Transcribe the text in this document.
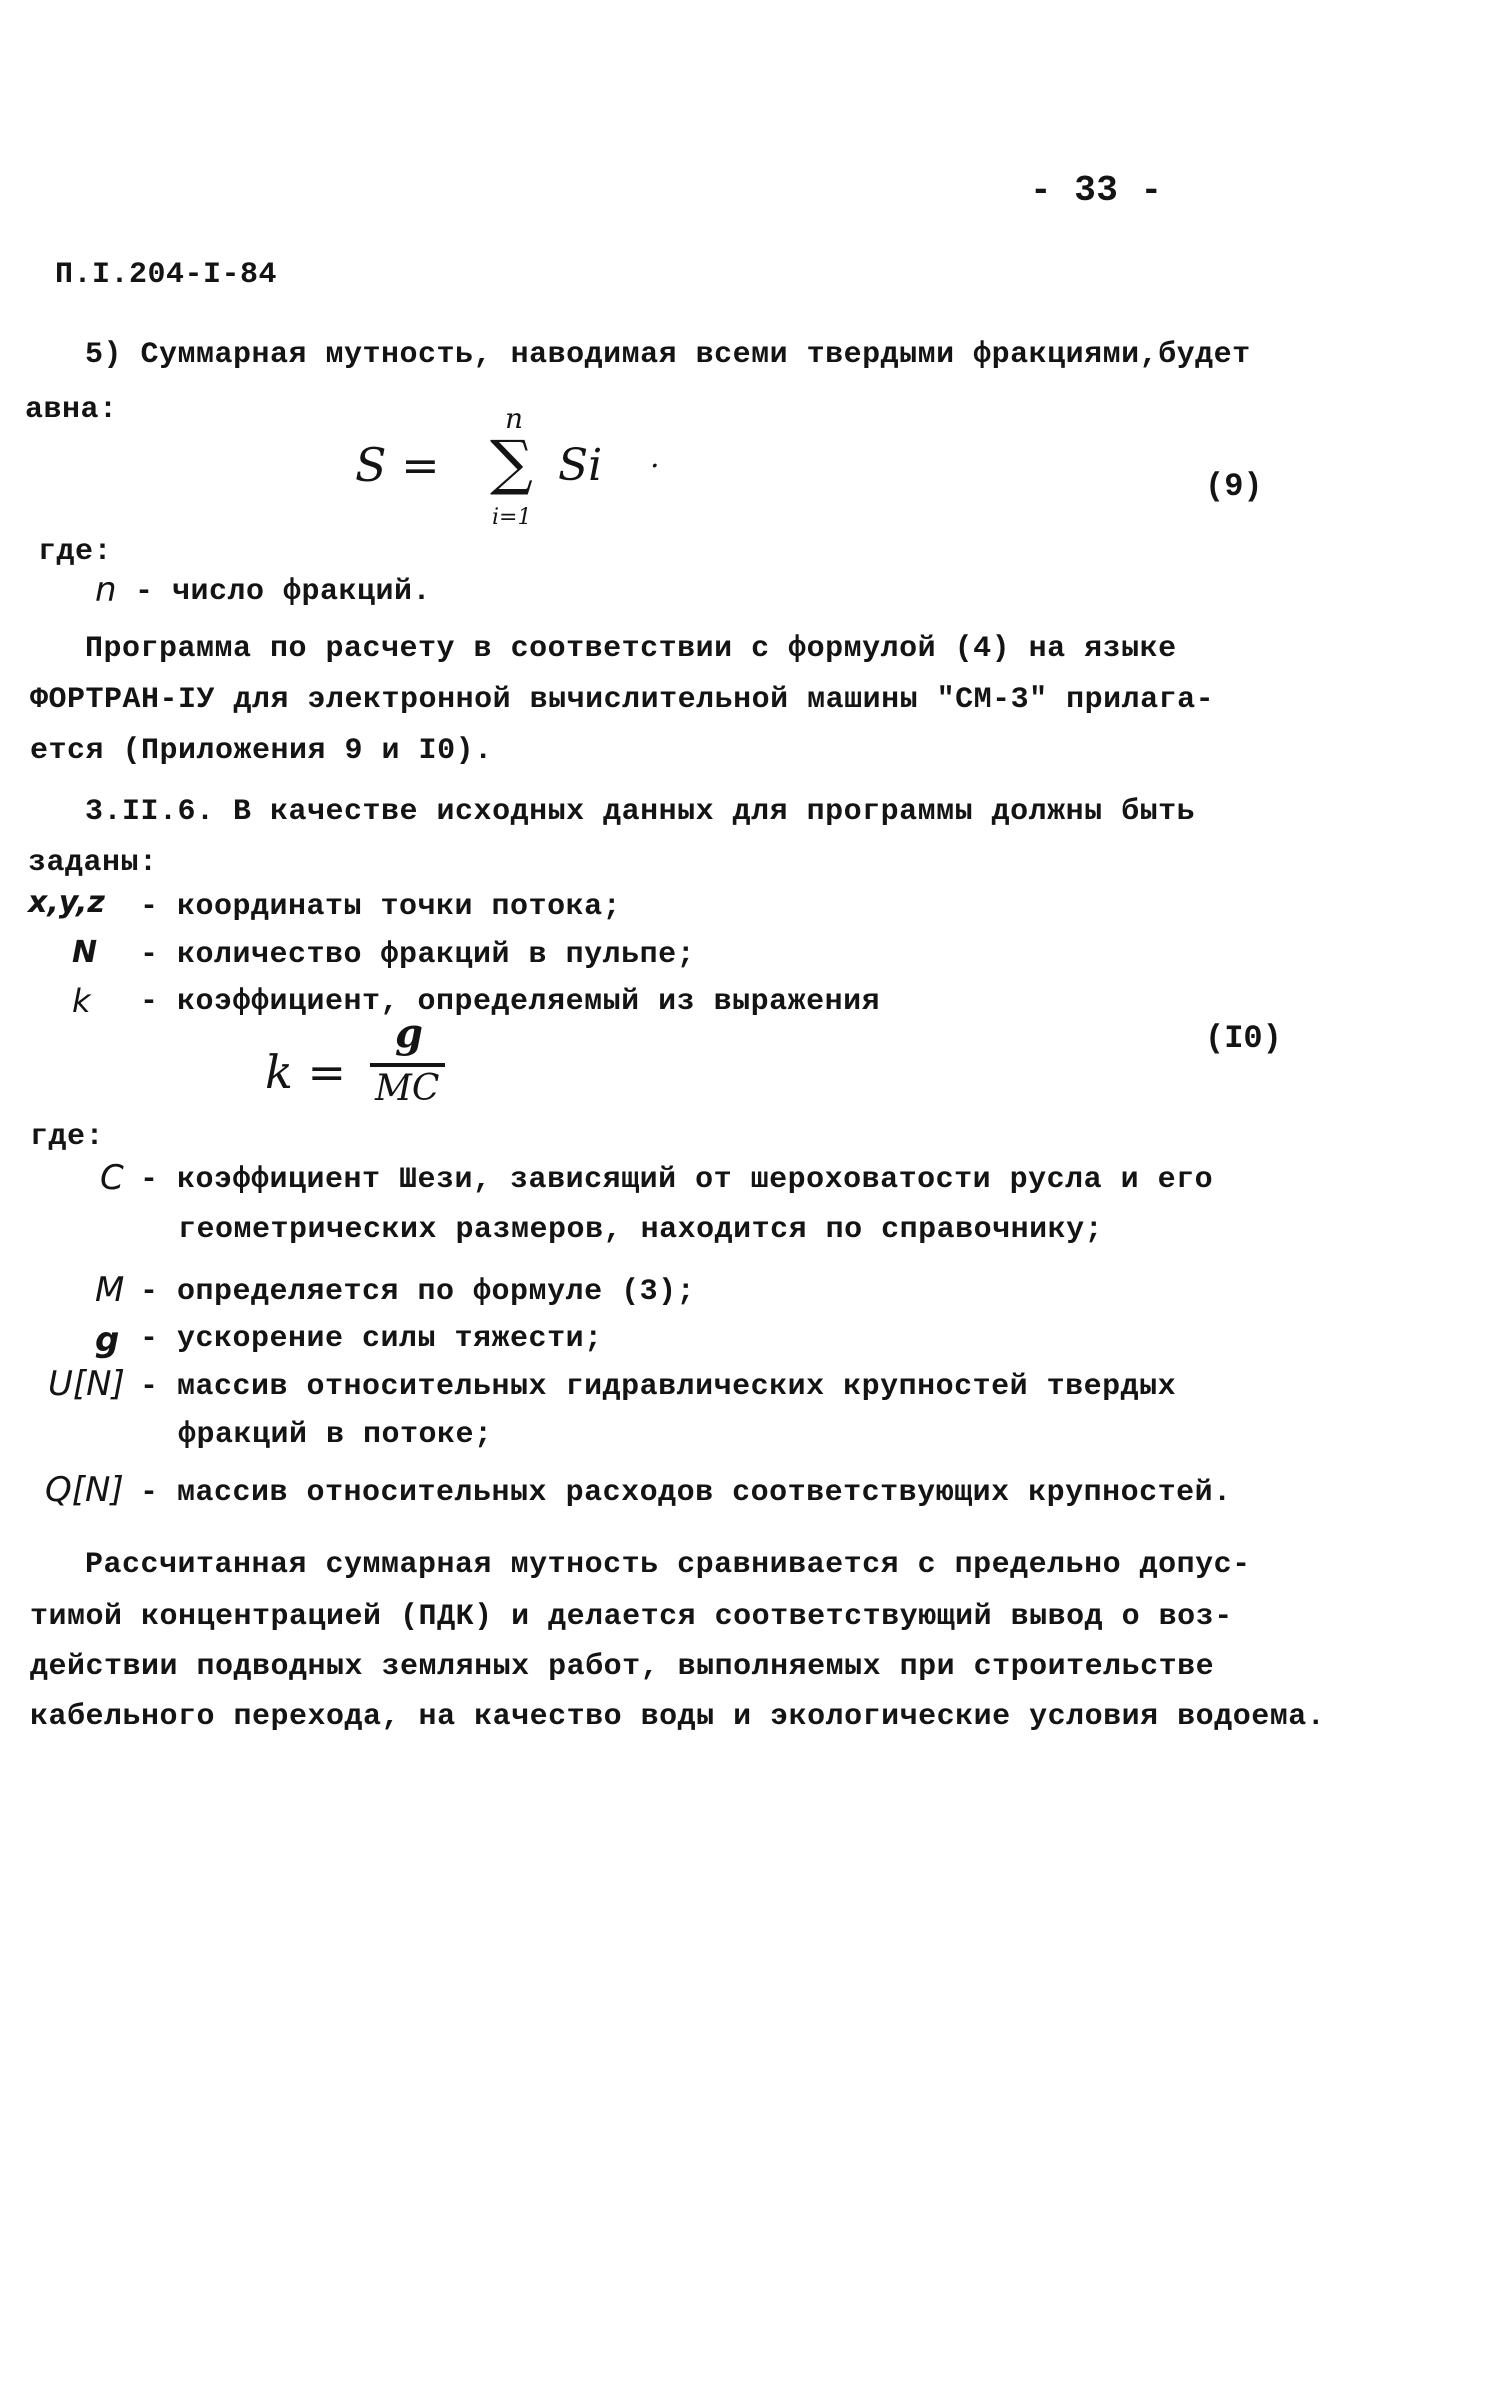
- 33 -
П.І.204-І-84
5) Суммарная мутность, наводимая всеми твердыми фракциями,будет
авна:
S =
n
∑
i=1
Si .
(9)
где:
n - число фракций.
Программа по расчету в соответствии с формулой (4) на языке
ФОРТРАН-ІУ для электронной вычислительной машины "СМ-3" прилага-
ется (Приложения 9 и І0).
3.ІІ.6. В качестве исходных данных для программы должны быть
заданы:
x,y,z - координаты точки потока;
N - количество фракций в пульпе;
k - коэффициент, определяемый из выражения
k =
g
MC
(І0)
где:
C - коэффициент Шези, зависящий от шероховатости русла и его
геометрических размеров, находится по справочнику;
M - определяется по формуле (3);
g - ускорение силы тяжести;
U[N] - массив относительных гидравлических крупностей твердых
фракций в потоке;
Q[N] - массив относительных расходов соответствующих крупностей.
Рассчитанная суммарная мутность сравнивается с предельно допус-
тимой концентрацией (ПДК) и делается соответствующий вывод о воз-
действии подводных земляных работ, выполняемых при строительстве
кабельного перехода, на качество воды и экологические условия водоема.
